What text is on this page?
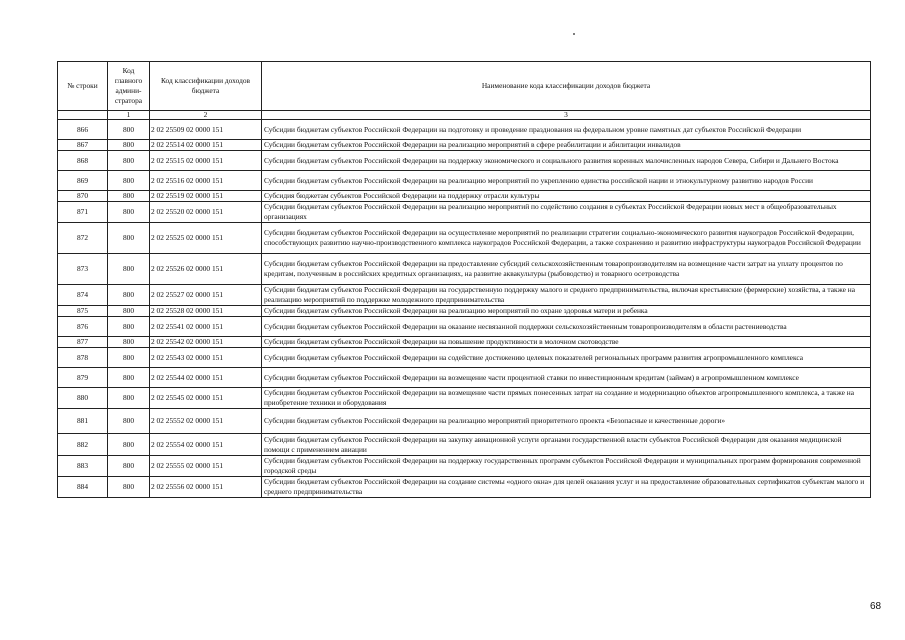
№ строки	Код главного админи-стратора	Код классификации доходов бюджета	Наименование кода классификации доходов бюджета
	1	2	3
866	800	2 02 25509 02 0000 151	Субсидии бюджетам субъектов Российской Федерации на подготовку и проведение празднования на федеральном уровне памятных дат субъектов Российской Федерации
867	800	2 02 25514 02 0000 151	Субсидии бюджетам субъектов Российской Федерации на реализацию мероприятий в сфере реабилитации и абилитации инвалидов
868	800	2 02 25515 02 0000 151	Субсидии бюджетам субъектов Российской Федерации на поддержку экономического и социального развития коренных малочисленных народов Севера, Сибири и Дальнего Востока
869	800	2 02 25516 02 0000 151	Субсидии бюджетам субъектов Российской Федерации на реализацию мероприятий по укреплению единства российской нации и этнокультурному развитию народов России
870	800	2 02 25519 02 0000 151	Субсидия бюджетам субъектов Российской Федерации на поддержку отрасли культуры
871	800	2 02 25520 02 0000 151	Субсидии бюджетам субъектов Российской Федерации на реализацию мероприятий по содействию создания в субъектах Российской Федерации новых мест в общеобразовательных организациях
872	800	2 02 25525 02 0000 151	Субсидии бюджетам субъектов Российской Федерации на осуществление мероприятий по реализации стратегии социально-экономического развития наукоградов Российской Федерации, способствующих развитию научно-производственного комплекса наукоградов Российской Федерации, а также сохранению и развитию инфраструктуры наукоградов Российской Федерации
873	800	2 02 25526 02 0000 151	Субсидии бюджетам субъектов Российской Федерации на предоставление субсидий сельскохозяйственным товаропроизводителям на возмещение части затрат на уплату процентов по кредитам, полученным в российских кредитных организациях, на развитие аквакультуры (рыбоводство) и товарного осетроводства
874	800	2 02 25527 02 0000 151	Субсидии бюджетам субъектов Российской Федерации на государственную поддержку малого и среднего предпринимательства, включая крестьянские (фермерские) хозяйства, а также на реализацию мероприятий по поддержке молодежного предпринимательства
875	800	2 02 25528 02 0000 151	Субсидии бюджетам субъектов Российской Федерации на реализацию мероприятий по охране здоровья матери и ребенка
876	800	2 02 25541 02 0000 151	Субсидии бюджетам субъектов Российской Федерации на оказание несвязанной поддержки сельскохозяйственным товаропроизводителям в области растениеводства
877	800	2 02 25542 02 0000 151	Субсидии бюджетам субъектов Российской Федерации на повышение продуктивности в молочном скотоводстве
878	800	2 02 25543 02 0000 151	Субсидии бюджетам субъектов Российской Федерации на содействие достижению целевых показателей региональных программ развития агропромышленного комплекса
879	800	2 02 25544 02 0000 151	Субсидии бюджетам субъектов Российской Федерации на возмещение части процентной ставки по инвестиционным кредитам (займам) в агропромышленном комплексе
880	800	2 02 25545 02 0000 151	Субсидии бюджетам субъектов Российской Федерации на возмещение части прямых понесенных затрат на создание и модернизацию объектов агропромышленного комплекса, а также на приобретение техники и оборудования
881	800	2 02 25552 02 0000 151	Субсидии бюджетам субъектов Российской Федерации на реализацию мероприятий приоритетного проекта «Безопасные и качественные дороги»
882	800	2 02 25554 02 0000 151	Субсидии бюджетам субъектов Российской Федерации на закупку авиационной услуги органами государственной власти субъектов Российской Федерации для оказания медицинской помощи с применением авиации
883	800	2 02 25555 02 0000 151	Субсидии бюджетам субъектов Российской Федерации на поддержку государственных программ субъектов Российской Федерации и муниципальных программ формирования современной городской среды
884	800	2 02 25556 02 0000 151	Субсидии бюджетам субъектов Российской Федерации на создание системы «одного окна» для целей оказания услуг и на предоставление образовательных сертификатов субъектам малого и среднего предпринимательства
68
